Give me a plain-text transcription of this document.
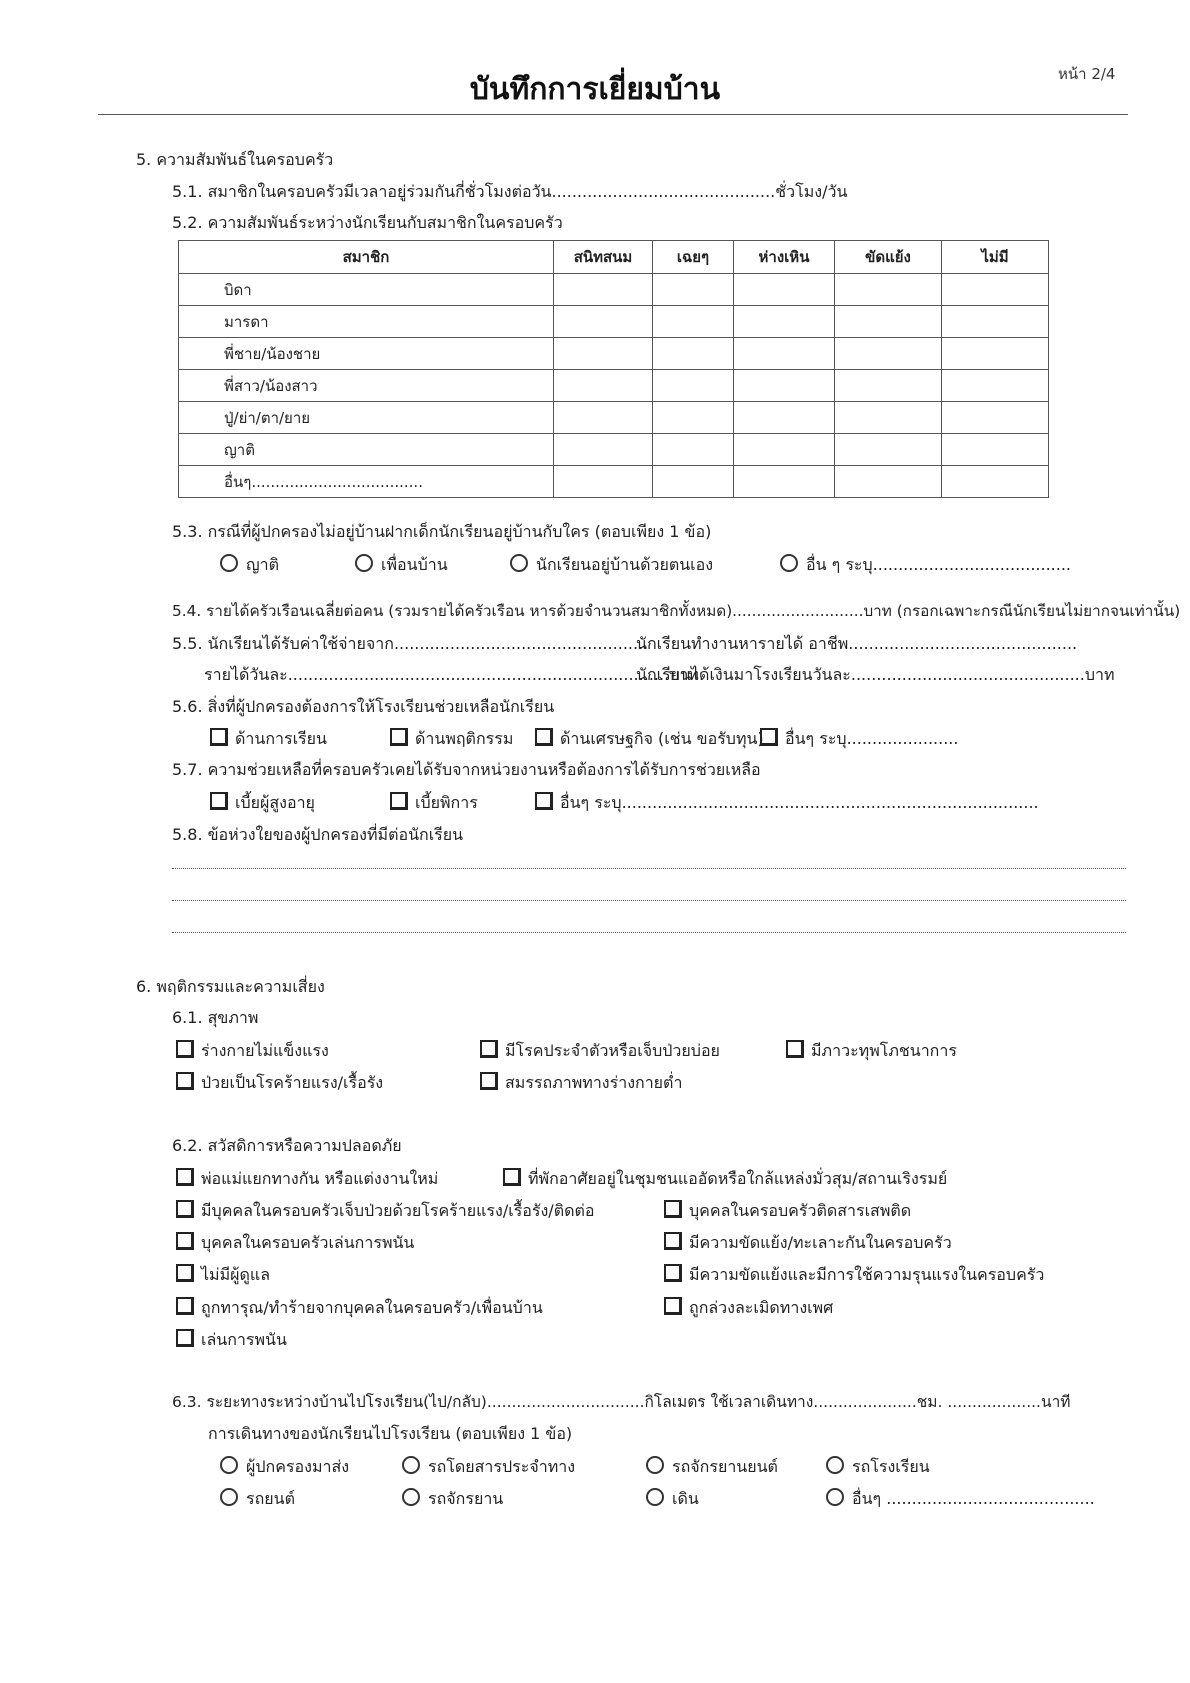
บันทึกการเยี่ยมบ้าน	หน้า 2/4
5. ความสัมพันธ์ในครอบครัว
5.1. สมาชิกในครอบครัวมีเวลาอยู่ร่วมกันกี่ชั่วโมงต่อวัน............................................ชั่วโมง/วัน
5.2. ความสัมพันธ์ระหว่างนักเรียนกับสมาชิกในครอบครัว
สมาชิก	สนิทสนม	เฉยๆ	ห่างเหิน	ขัดแย้ง	ไม่มี
บิดา					
มารดา					
พี่ชาย/น้องชาย					
พี่สาว/น้องสาว					
ปู่/ย่า/ตา/ยาย					
ญาติ					
อื่นๆ....................................					
5.3. กรณีที่ผู้ปกครองไม่อยู่บ้านฝากเด็กนักเรียนอยู่บ้านกับใคร (ตอบเพียง 1 ข้อ)
ญาติ	เพื่อนบ้าน	นักเรียนอยู่บ้านด้วยตนเอง	อื่น ๆ ระบุ.......................................
5.4. รายได้ครัวเรือนเฉลี่ยต่อคน (รวมรายได้ครัวเรือน หารด้วยจำนวนสมาชิกทั้งหมด)...........................บาท (กรอกเฉพาะกรณีนักเรียนไม่ยากจนเท่านั้น)
5.5. นักเรียนได้รับค่าใช้จ่ายจาก..................................................
นักเรียนทำงานหารายได้ อาชีพ.............................................
รายได้วันละ...........................................................................บาท
นักเรียนได้เงินมาโรงเรียนวันละ..............................................บาท
5.6. สิ่งที่ผู้ปกครองต้องการให้โรงเรียนช่วยเหลือนักเรียน
ด้านการเรียน	ด้านพฤติกรรม	ด้านเศรษฐกิจ (เช่น ขอรับทุน)	อื่นๆ ระบุ......................
5.7. ความช่วยเหลือที่ครอบครัวเคยได้รับจากหน่วยงานหรือต้องการได้รับการช่วยเหลือ
เบี้ยผู้สูงอายุ	เบี้ยพิการ	อื่นๆ ระบุ..................................................................................
5.8. ข้อห่วงใยของผู้ปกครองที่มีต่อนักเรียน
6. พฤติกรรมและความเสี่ยง
6.1. สุขภาพ
ร่างกายไม่แข็งแรง	มีโรคประจำตัวหรือเจ็บป่วยบ่อย	มีภาวะทุพโภชนาการ
ป่วยเป็นโรคร้ายแรง/เรื้อรัง	สมรรถภาพทางร่างกายต่ำ
6.2. สวัสดิการหรือความปลอดภัย
พ่อแม่แยกทางกัน หรือแต่งงานใหม่	ที่พักอาศัยอยู่ในชุมชนแออัดหรือใกล้แหล่งมั่วสุม/สถานเริงรมย์
มีบุคคลในครอบครัวเจ็บป่วยด้วยโรคร้ายแรง/เรื้อรัง/ติดต่อ	บุคคลในครอบครัวติดสารเสพติด
บุคคลในครอบครัวเล่นการพนัน	มีความขัดแย้ง/ทะเลาะกันในครอบครัว
ไม่มีผู้ดูแล	มีความขัดแย้งและมีการใช้ความรุนแรงในครอบครัว
ถูกทารุณ/ทำร้ายจากบุคคลในครอบครัว/เพื่อนบ้าน	ถูกล่วงละเมิดทางเพศ
เล่นการพนัน
6.3. ระยะทางระหว่างบ้านไปโรงเรียน(ไป/กลับ)................................กิโลเมตร ใช้เวลาเดินทาง.....................ชม. ...................นาที
การเดินทางของนักเรียนไปโรงเรียน (ตอบเพียง 1 ข้อ)
ผู้ปกครองมาส่ง	รถโดยสารประจำทาง	รถจักรยานยนต์	รถโรงเรียน
รถยนต์	รถจักรยาน	เดิน	อื่นๆ .........................................
